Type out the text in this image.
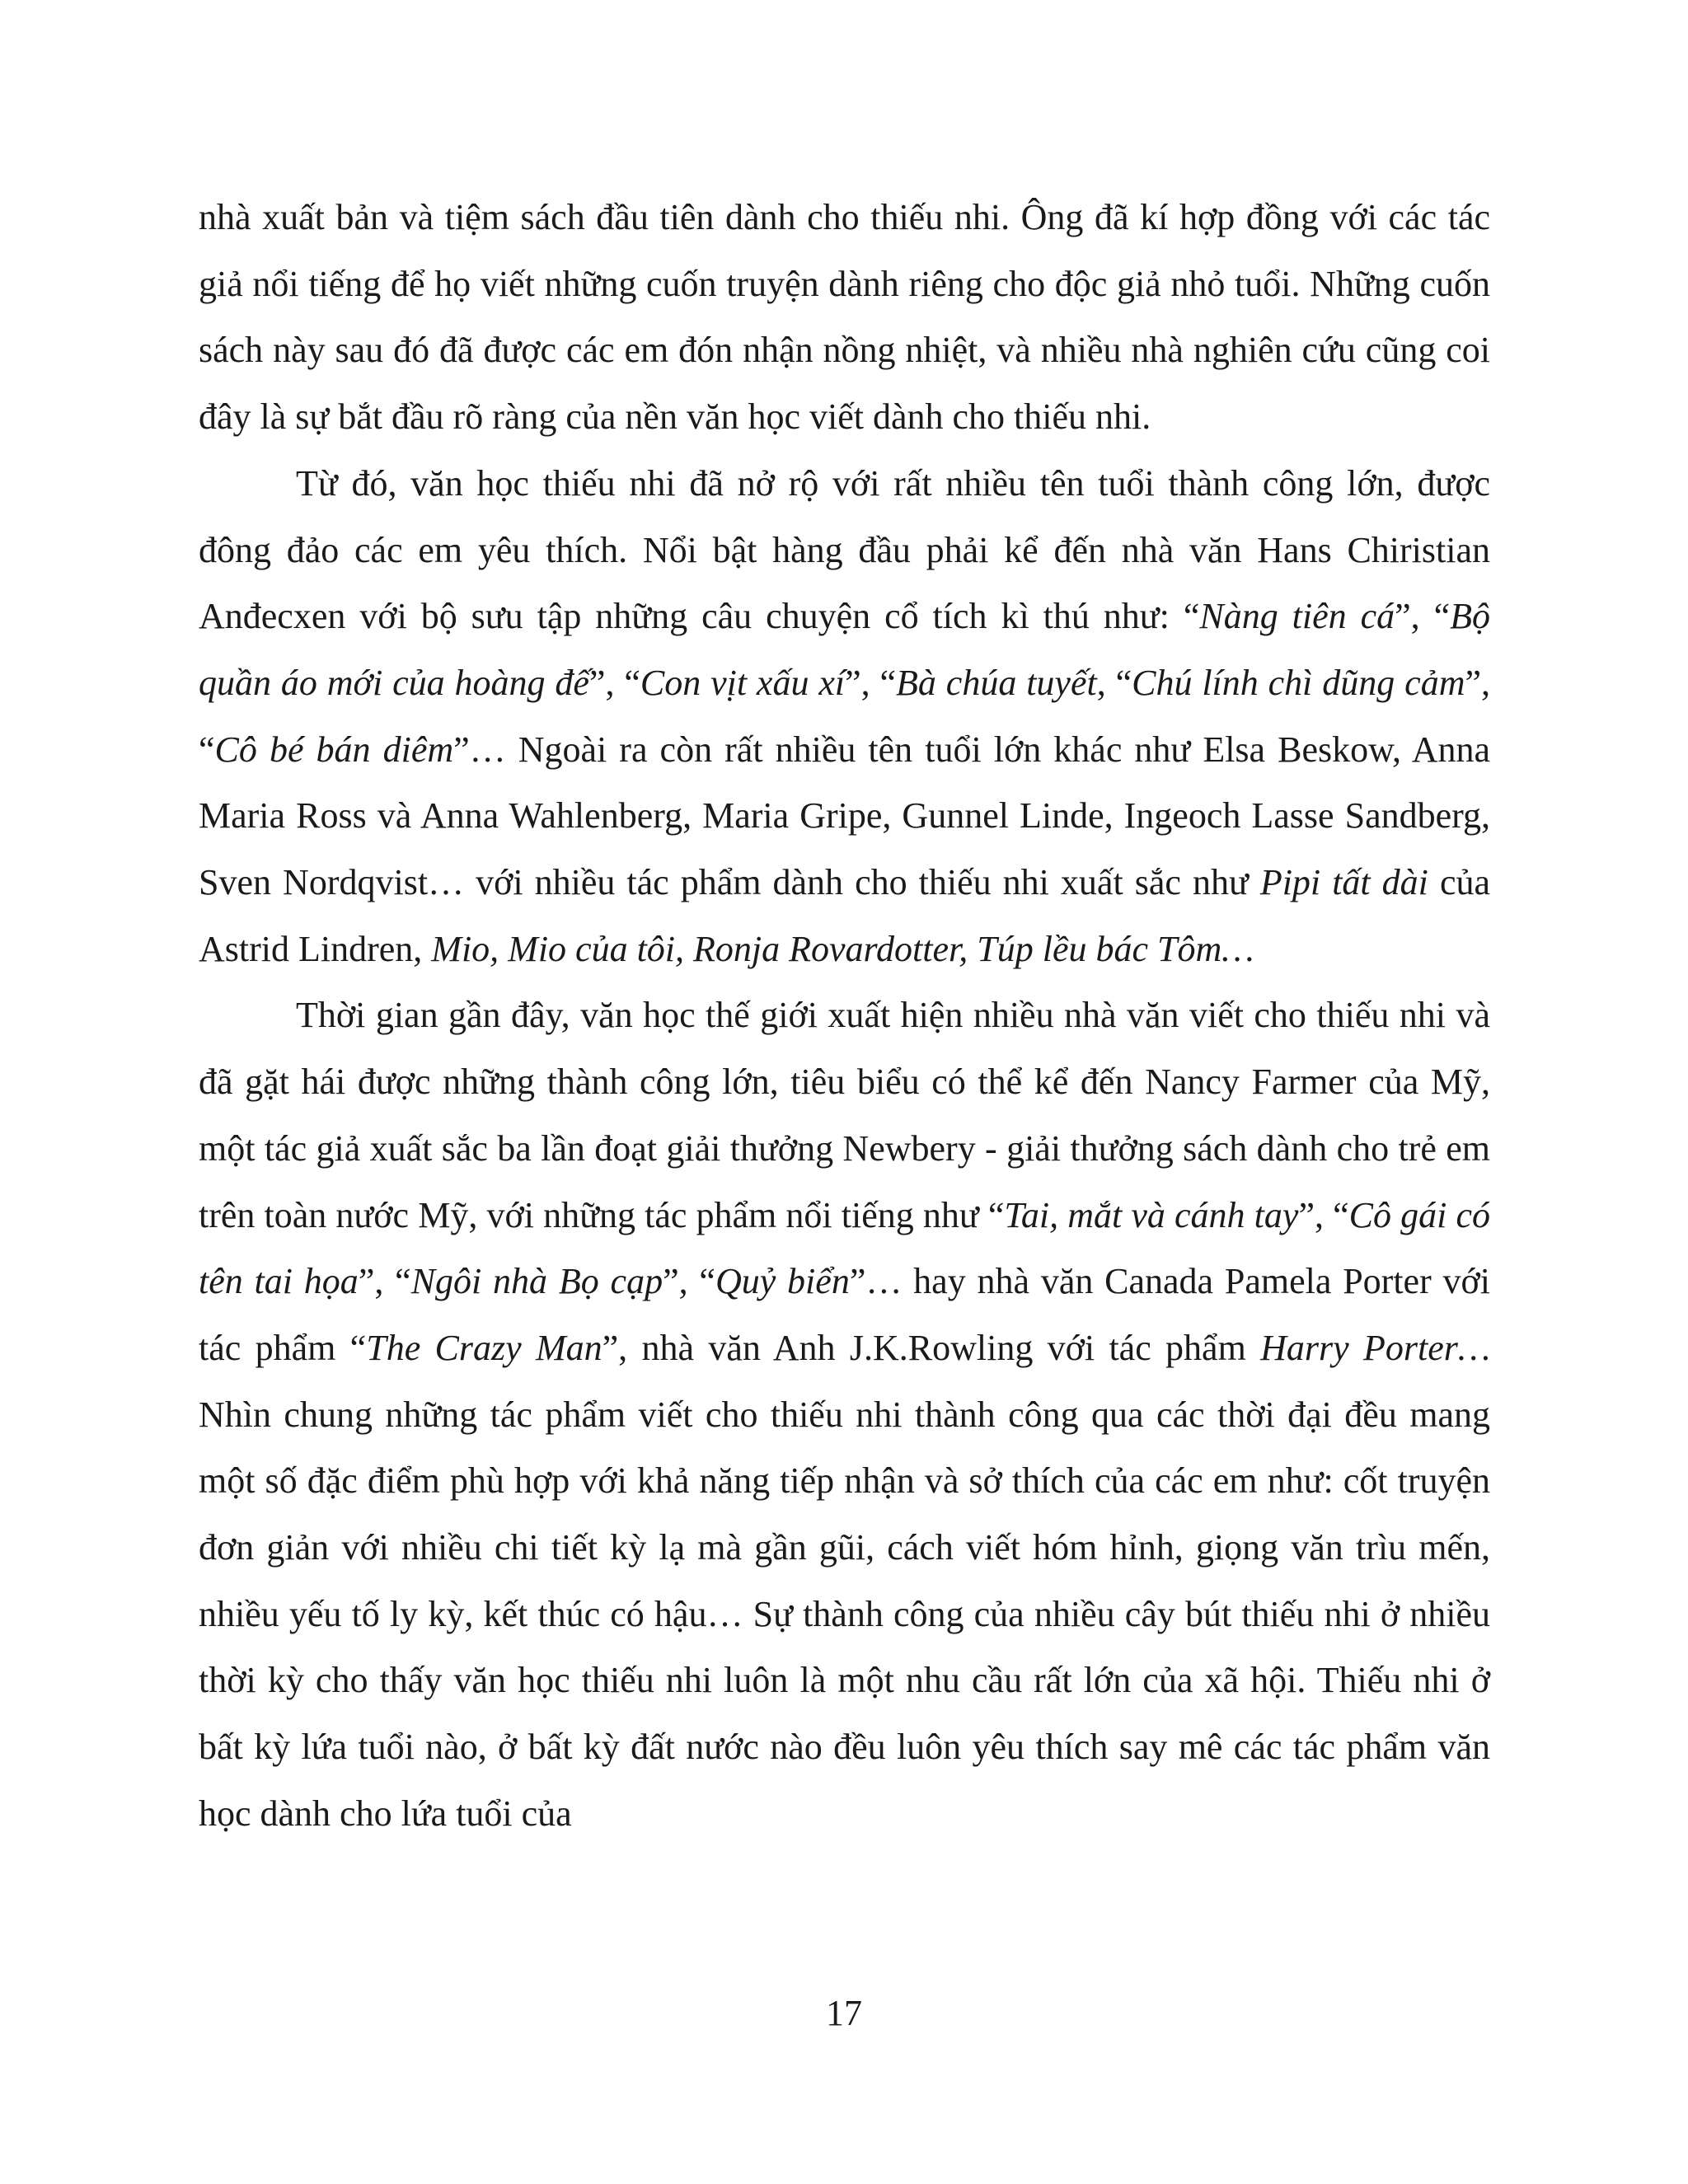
nhà xuất bản và tiệm sách đầu tiên dành cho thiếu nhi. Ông đã kí hợp đồng với các tác giả nổi tiếng để họ viết những cuốn truyện dành riêng cho độc giả nhỏ tuổi. Những cuốn sách này sau đó đã được các em đón nhận nồng nhiệt, và nhiều nhà nghiên cứu cũng coi đây là sự bắt đầu rõ ràng của nền văn học viết dành cho thiếu nhi.

Từ đó, văn học thiếu nhi đã nở rộ với rất nhiều tên tuổi thành công lớn, được đông đảo các em yêu thích. Nổi bật hàng đầu phải kể đến nhà văn Hans Chiristian Anđecxen với bộ sưu tập những câu chuyện cổ tích kì thú như: “Nàng tiên cá”, “Bộ quần áo mới của hoàng đế”, “Con vịt xấu xí”, “Bà chúa tuyết, “Chú lính chì dũng cảm”, “Cô bé bán diêm”… Ngoài ra còn rất nhiều tên tuổi lớn khác như Elsa Beskow, Anna Maria Ross và Anna Wahlenberg, Maria Gripe, Gunnel Linde, Ingeoch Lasse Sandberg, Sven Nordqvist… với nhiều tác phẩm dành cho thiếu nhi xuất sắc như Pipi tất dài của Astrid Lindren, Mio, Mio của tôi, Ronja Rovardotter, Túp lều bác Tôm…

Thời gian gần đây, văn học thế giới xuất hiện nhiều nhà văn viết cho thiếu nhi và đã gặt hái được những thành công lớn, tiêu biểu có thể kể đến Nancy Farmer của Mỹ, một tác giả xuất sắc ba lần đoạt giải thưởng Newbery - giải thưởng sách dành cho trẻ em trên toàn nước Mỹ, với những tác phẩm nổi tiếng như “Tai, mắt và cánh tay”, “Cô gái có tên tai họa”, “Ngôi nhà Bọ cạp”, “Quỷ biển”… hay nhà văn Canada Pamela Porter với tác phẩm “The Crazy Man”, nhà văn Anh J.K.Rowling với tác phẩm Harry Porter… Nhìn chung những tác phẩm viết cho thiếu nhi thành công qua các thời đại đều mang một số đặc điểm phù hợp với khả năng tiếp nhận và sở thích của các em như: cốt truyện đơn giản với nhiều chi tiết kỳ lạ mà gần gũi, cách viết hóm hỉnh, giọng văn trìu mến, nhiều yếu tố ly kỳ, kết thúc có hậu… Sự thành công của nhiều cây bút thiếu nhi ở nhiều thời kỳ cho thấy văn học thiếu nhi luôn là một nhu cầu rất lớn của xã hội. Thiếu nhi ở bất kỳ lứa tuổi nào, ở bất kỳ đất nước nào đều luôn yêu thích say mê các tác phẩm văn học dành cho lứa tuổi của

17
